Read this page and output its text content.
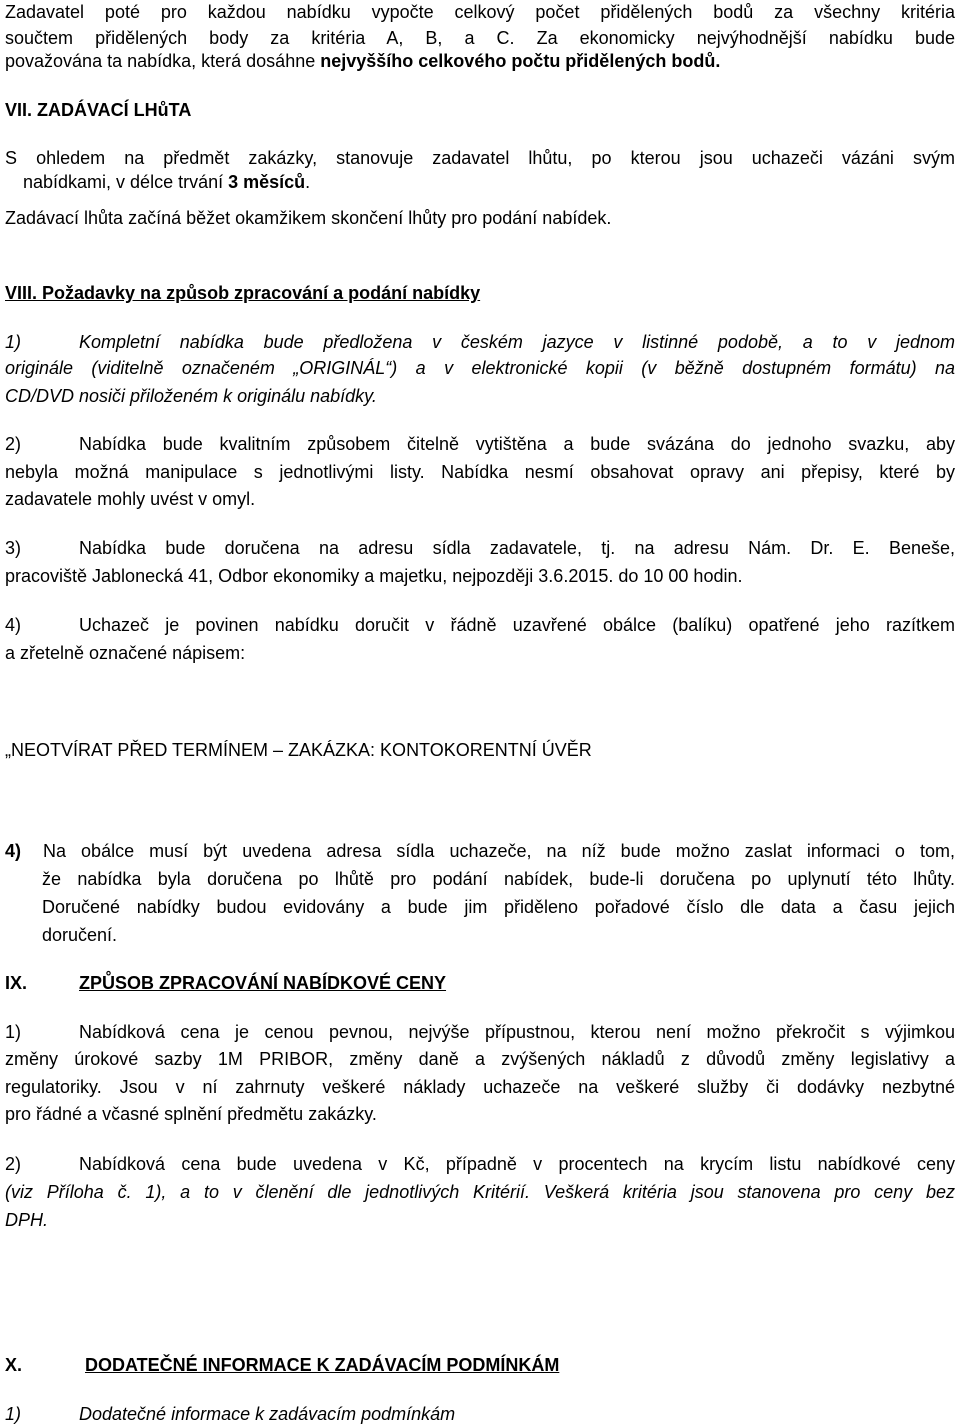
Zadavatel poté pro každou nabídku vypočte celkový počet přidělených bodů za všechny kritéria
součtem přidělených body za kritéria A, B, a C. Za ekonomicky nejvýhodnější nabídku bude
považována ta nabídka, která dosáhne nejvyššího celkového počtu přidělených bodů.
VII. ZADÁVACÍ LHůTA
S ohledem na předmět zakázky, stanovuje zadavatel lhůtu, po kterou jsou uchazeči vázáni svým
nabídkami, v délce trvání 3 měsíců.
Zadávací lhůta začíná běžet okamžikem skončení lhůty pro podání nabídek.
VIII. Požadavky na způsob zpracování a podání nabídky
1)	Kompletní nabídka bude předložena v českém jazyce v listinné podobě, a to v jednom
originále (viditelně označeném „ORIGINÁL“) a v elektronické kopii (v běžně dostupném formátu) na
CD/DVD nosiči přiloženém k originálu nabídky.
2)	Nabídka bude kvalitním způsobem čitelně vytištěna a bude svázána do jednoho svazku, aby
nebyla možná manipulace s jednotlivými listy. Nabídka nesmí obsahovat opravy ani přepisy, které by
zadavatele mohly uvést v omyl.
3)	Nabídka bude doručena na adresu sídla zadavatele, tj. na adresu Nám. Dr. E. Beneše,
pracoviště Jablonecká 41, Odbor ekonomiky a majetku, nejpozději 3.6.2015. do 10 00 hodin.
4)	Uchazeč je povinen nabídku doručit v řádně uzavřené obálce (balíku) opatřené jeho razítkem
a zřetelně označené nápisem:
„NEOTVÍRAT PŘED TERMÍNEM – ZAKÁZKA: KONTOKORENTNÍ ÚVĚR
4) Na obálce musí být uvedena adresa sídla uchazeče, na níž bude možno zaslat informaci o tom,
že nabídka byla doručena po lhůtě pro podání nabídek, bude-li doručena po uplynutí této lhůty.
Doručené nabídky budou evidovány a bude jim přiděleno pořadové číslo dle data a času jejich
doručení.
IX.	ZPŮSOB ZPRACOVÁNÍ NABÍDKOVÉ CENY
1)	Nabídková cena je cenou pevnou, nejvýše přípustnou, kterou není možno překročit s výjimkou
změny úrokové sazby 1M PRIBOR, změny daně a zvýšených nákladů z důvodů změny legislativy a
regulatoriky. Jsou v ní zahrnuty veškeré náklady uchazeče na veškeré služby či dodávky nezbytné
pro řádné a včasné splnění předmětu zakázky.
2)	Nabídková cena bude uvedena v Kč, případně v procentech na krycím listu nabídkové ceny
(viz Příloha č. 1), a to v členění dle jednotlivých Kritérií. Veškerá kritéria jsou stanovena pro ceny bez
DPH.
X.	DODATEČNÉ INFORMACE K ZADÁVACÍM PODMÍNKÁM
1)	Dodatečné informace k zadávacím podmínkám
